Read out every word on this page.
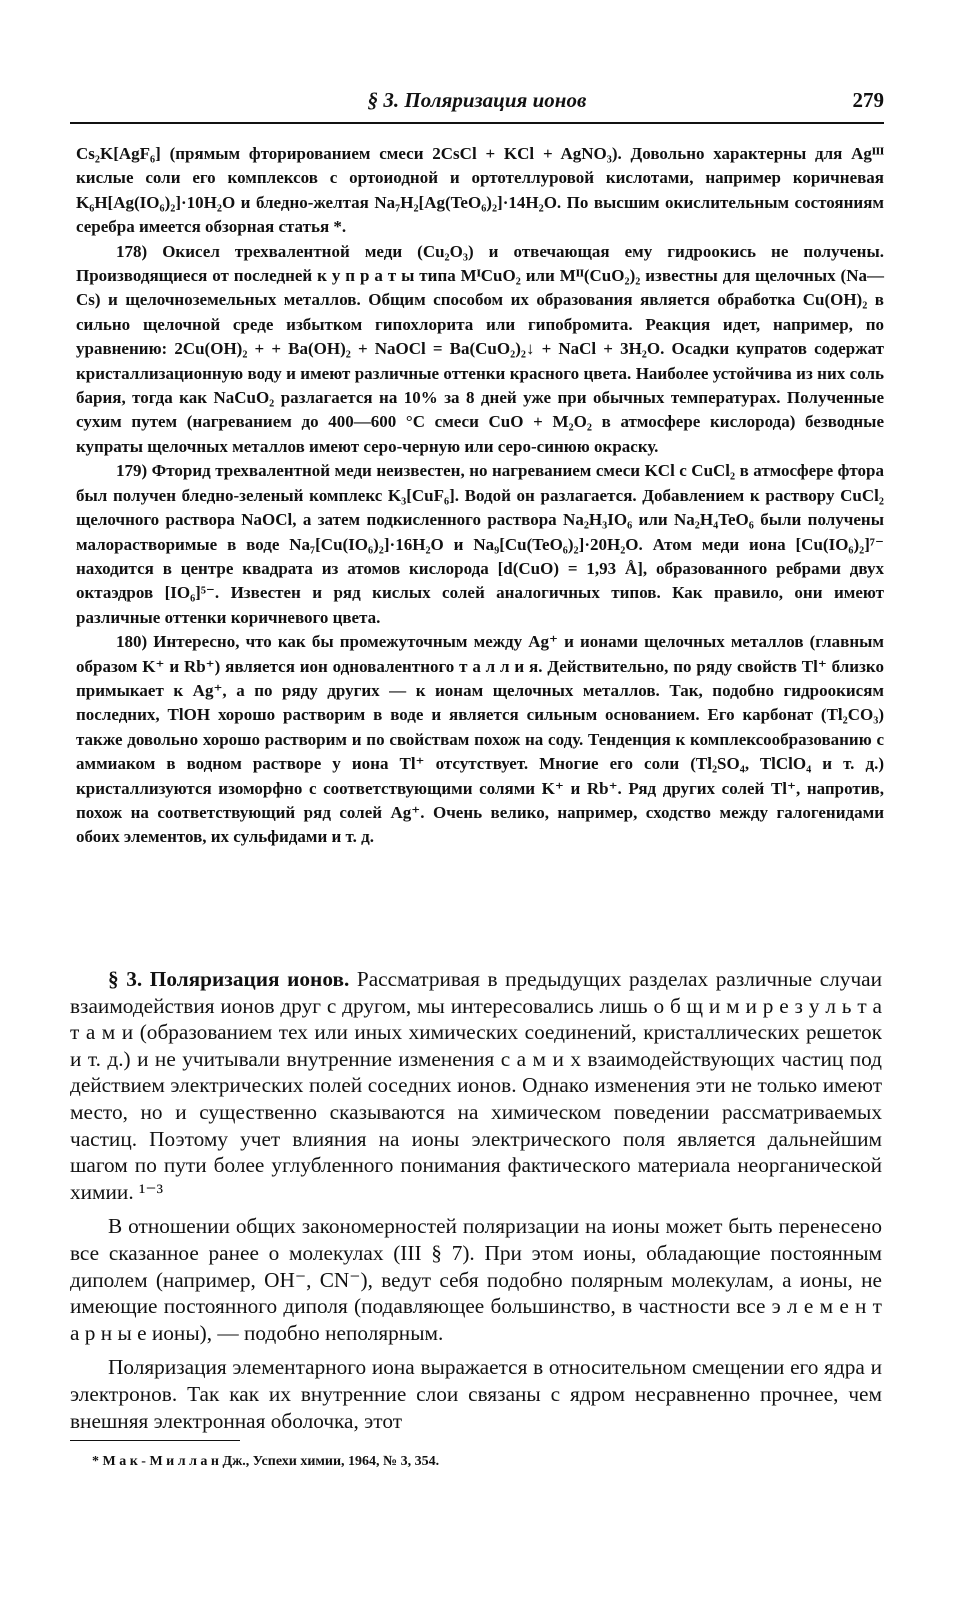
§ 3. Поляризация ионов	279

Cs₂K[AgF₆] (прямым фторированием смеси 2CsCl + KCl + AgNO₃). Довольно характерны для Agᴵᴵᴵ кислые соли его комплексов с ортоиодной и ортотеллуровой кислотами, например коричневая K₆H[Ag(IO₆)₂]·10H₂O и бледно-желтая Na₇H₂[Ag(TeO₆)₂]·14H₂O. По высшим окислительным состояниям серебра имеется обзорная статья *.

178) Окисел трехвалентной меди (Cu₂O₃) и отвечающая ему гидроокись не получены. Производящиеся от последней к у п р а т ы типа MᴵCuO₂ или Mᴵᴵ(CuO₂)₂ известны для щелочных (Na—Cs) и щелочноземельных металлов. Общим способом их образования является обработка Cu(OH)₂ в сильно щелочной среде избытком гипохлорита или гипобромита. Реакция идет, например, по уравнению: 2Cu(OH)₂ + + Ba(OH)₂ + NaOCl = Ba(CuO₂)₂↓ + NaCl + 3H₂O. Осадки купратов содержат кристаллизационную воду и имеют различные оттенки красного цвета. Наиболее устойчива из них соль бария, тогда как NaCuO₂ разлагается на 10% за 8 дней уже при обычных температурах. Полученные сухим путем (нагреванием до 400—600 °C смеси CuO + M₂O₂ в атмосфере кислорода) безводные купраты щелочных металлов имеют серо-черную или серо-синюю окраску.

179) Фторид трехвалентной меди неизвестен, но нагреванием смеси KCl с CuCl₂ в атмосфере фтора был получен бледно-зеленый комплекс K₃[CuF₆]. Водой он разлагается. Добавлением к раствору CuCl₂ щелочного раствора NaOCl, а затем подкисленного раствора Na₂H₃IO₆ или Na₂H₄TeO₆ были получены малорастворимые в воде Na₇[Cu(IO₆)₂]·16H₂O и Na₉[Cu(TeO₆)₂]·20H₂O. Атом меди иона [Cu(IO₆)₂]⁷⁻ находится в центре квадрата из атомов кислорода [d(CuO) = 1,93 Å], образованного ребрами двух октаэдров [IO₆]⁵⁻. Известен и ряд кислых солей аналогичных типов. Как правило, они имеют различные оттенки коричневого цвета.

180) Интересно, что как бы промежуточным между Ag⁺ и ионами щелочных металлов (главным образом K⁺ и Rb⁺) является ион одновалентного т а л л и я. Действительно, по ряду свойств Tl⁺ близко примыкает к Ag⁺, а по ряду других — к ионам щелочных металлов. Так, подобно гидроокисям последних, TlOH хорошо растворим в воде и является сильным основанием. Его карбонат (Tl₂CO₃) также довольно хорошо растворим и по свойствам похож на соду. Тенденция к комплексообразованию с аммиаком в водном растворе у иона Tl⁺ отсутствует. Многие его соли (Tl₂SO₄, TlClO₄ и т. д.) кристаллизуются изоморфно с соответствующими солями K⁺ и Rb⁺. Ряд других солей Tl⁺, напротив, похож на соответствующий ряд солей Ag⁺. Очень велико, например, сходство между галогенидами обоих элементов, их сульфидами и т. д.

§ 3. Поляризация ионов. Рассматривая в предыдущих разделах различные случаи взаимодействия ионов друг с другом, мы интересовались лишь о б щ и м и р е з у л ь т а т а м и (образованием тех или иных химических соединений, кристаллических решеток и т. д.) и не учитывали внутренние изменения с а м и х взаимодействующих частиц под действием электрических полей соседних ионов. Однако изменения эти не только имеют место, но и существенно сказываются на химическом поведении рассматриваемых частиц. Поэтому учет влияния на ионы электрического поля является дальнейшим шагом по пути более углубленного понимания фактического материала неорганической химии. ¹⁻³

В отношении общих закономерностей поляризации на ионы может быть перенесено все сказанное ранее о молекулах (III § 7). При этом ионы, обладающие постоянным диполем (например, OH⁻, CN⁻), ведут себя подобно полярным молекулам, а ионы, не имеющие постоянного диполя (подавляющее большинство, в частности все э л е м е н т а р н ы е ионы), — подобно неполярным.

Поляризация элементарного иона выражается в относительном смещении его ядра и электронов. Так как их внутренние слои связаны с ядром несравненно прочнее, чем внешняя электронная оболочка, этот

* М а к - М и л л а н Дж., Успехи химии, 1964, № 3, 354.
